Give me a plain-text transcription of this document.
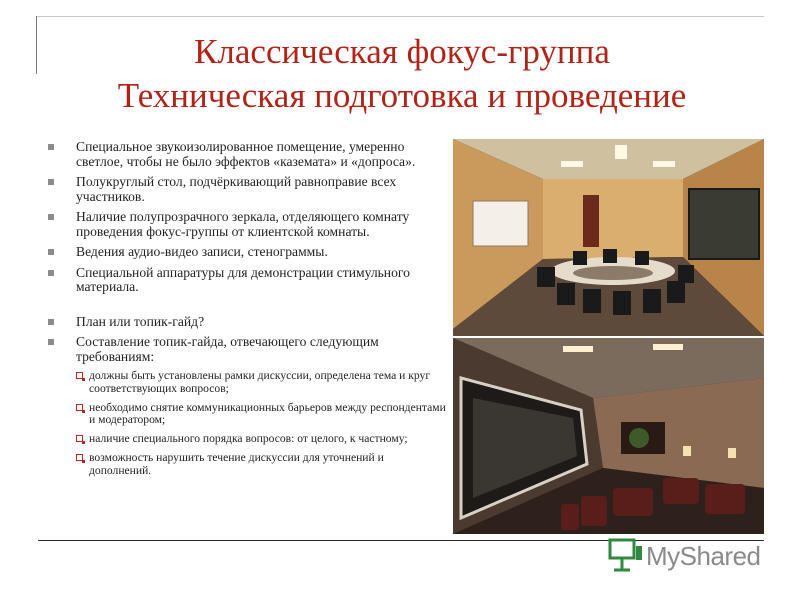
Классическая фокус-группа
Техническая подготовка и проведение
Специальное звукоизолированное помещение, умеренно светлое, чтобы не было эффектов «каземата» и «допроса».
Полукруглый стол, подчёркивающий равноправие всех участников.
Наличие полупрозрачного зеркала, отделяющего комнату проведения фокус-группы от клиентской комнаты.
Ведения аудио-видео записи, стенограммы.
Специальной аппаратуры для демонстрации стимульного материала.
План или топик-гайд?
Составление топик-гайда, отвечающего следующим требованиям:
должны быть установлены рамки дискуссии, определена тема и круг соответствующих вопросов;
необходимо снятие коммуникационных барьеров между респондентами и модератором;
наличие специального порядка вопросов: от целого, к частному;
возможность нарушить течение дискуссии для уточнений и дополнений.
MyShared
